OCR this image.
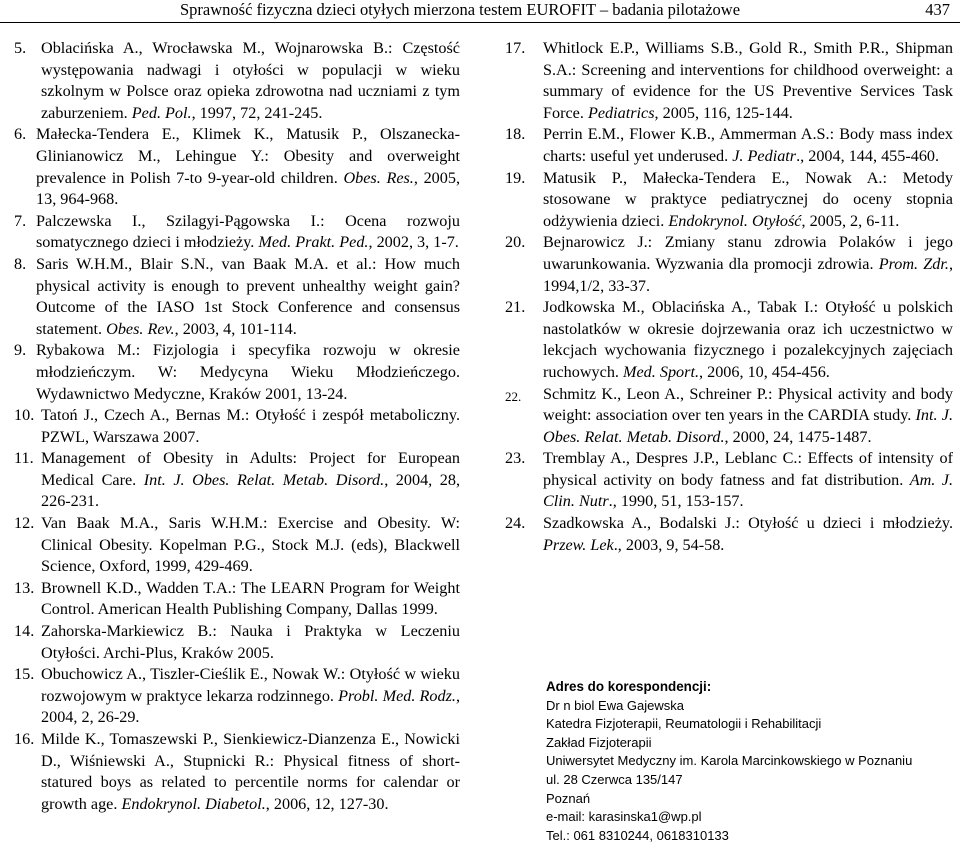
Sprawność fizyczna dzieci otyłych mierzona testem EUROFIT – badania pilotażowe	437
5. Oblacińska A., Wrocławska M., Wojnarowska B.: Częstość występowania nadwagi i otyłości w populacji w wieku szkolnym w Polsce oraz opieka zdrowotna nad uczniami z tym zaburzeniem. Ped. Pol., 1997, 72, 241-245.
6. Małecka-Tendera E., Klimek K., Matusik P., Olszanecka-Glinianowicz M., Lehingue Y.: Obesity and overweight prevalence in Polish 7-to 9-year-old children. Obes. Res., 2005, 13, 964-968.
7. Palczewska I., Szilagyi-Pągowska I.: Ocena rozwoju somatycznego dzieci i młodzieży. Med. Prakt. Ped., 2002, 3, 1-7.
8. Saris W.H.M., Blair S.N., van Baak M.A. et al.: How much physical activity is enough to prevent unhealthy weight gain? Outcome of the IASO 1st Stock Conference and consensus statement. Obes. Rev., 2003, 4, 101-114.
9. Rybakowa M.: Fizjologia i specyfika rozwoju w okresie młodzieńczym. W: Medycyna Wieku Młodzieńczego. Wydawnictwo Medyczne, Kraków 2001, 13-24.
10. Tatoń J., Czech A., Bernas M.: Otyłość i zespół metaboliczny. PZWL, Warszawa 2007.
11. Management of Obesity in Adults: Project for European Medical Care. Int. J. Obes. Relat. Metab. Disord., 2004, 28, 226-231.
12. Van Baak M.A., Saris W.H.M.: Exercise and Obesity. W: Clinical Obesity. Kopelman P.G., Stock M.J. (eds), Blackwell Science, Oxford, 1999, 429-469.
13. Brownell K.D., Wadden T.A.: The LEARN Program for Weight Control. American Health Publishing Company, Dallas 1999.
14. Zahorska-Markiewicz B.: Nauka i Praktyka w Leczeniu Otyłości. Archi-Plus, Kraków 2005.
15. Obuchowicz A., Tiszler-Cieślik E., Nowak W.: Otyłość w wieku rozwojowym w praktyce lekarza rodzinnego. Probl. Med. Rodz., 2004, 2, 26-29.
16. Milde K., Tomaszewski P., Sienkiewicz-Dianzenza E., Nowicki D., Wiśniewski A., Stupnicki R.: Physical fitness of short-statured boys as related to percentile norms for calendar or growth age. Endokrynol. Diabetol., 2006, 12, 127-30.
17.	Whitlock E.P., Williams S.B., Gold R., Smith P.R., Shipman S.A.: Screening and interventions for childhood overweight: a summary of evidence for the US Preventive Services Task Force. Pediatrics, 2005, 116, 125-144.
18.	Perrin E.M., Flower K.B., Ammerman A.S.: Body mass index charts: useful yet underused. J. Pediatr., 2004, 144, 455-460.
19.	Matusik P., Małecka-Tendera E., Nowak A.: Metody stosowane w praktyce pediatrycznej do oceny stopnia odżywienia dzieci. Endokrynol. Otyłość, 2005, 2, 6-11.
20.	Bejnarowicz J.: Zmiany stanu zdrowia Polaków i jego uwarunkowania. Wyzwania dla promocji zdrowia. Prom. Zdr., 1994,1/2, 33-37.
21.	Jodkowska M., Oblacińska A., Tabak I.: Otyłość u polskich nastolatków w okresie dojrzewania oraz ich uczestnictwo w lekcjach wychowania fizycznego i pozalekcyjnych zajęciach ruchowych. Med. Sport., 2006, 10, 454-456.
22.	Schmitz K., Leon A., Schreiner P.: Physical activity and body weight: association over ten years in the CARDIA study. Int. J. Obes. Relat. Metab. Disord., 2000, 24, 1475-1487.
23.	Tremblay A., Despres J.P., Leblanc C.: Effects of intensity of physical activity on body fatness and fat distribution. Am. J. Clin. Nutr., 1990, 51, 153-157.
24.	Szadkowska A., Bodalski J.: Otyłość u dzieci i młodzieży. Przew. Lek., 2003, 9, 54-58.
Adres do korespondencji:
Dr n biol Ewa Gajewska
Katedra Fizjoterapii, Reumatologii i Rehabilitacji
Zakład Fizjoterapii
Uniwersytet Medyczny im. Karola Marcinkowskiego w Poznaniu
ul. 28 Czerwca 135/147
Poznań
e-mail: karasinska1@wp.pl
Tel.: 061 8310244, 0618310133
